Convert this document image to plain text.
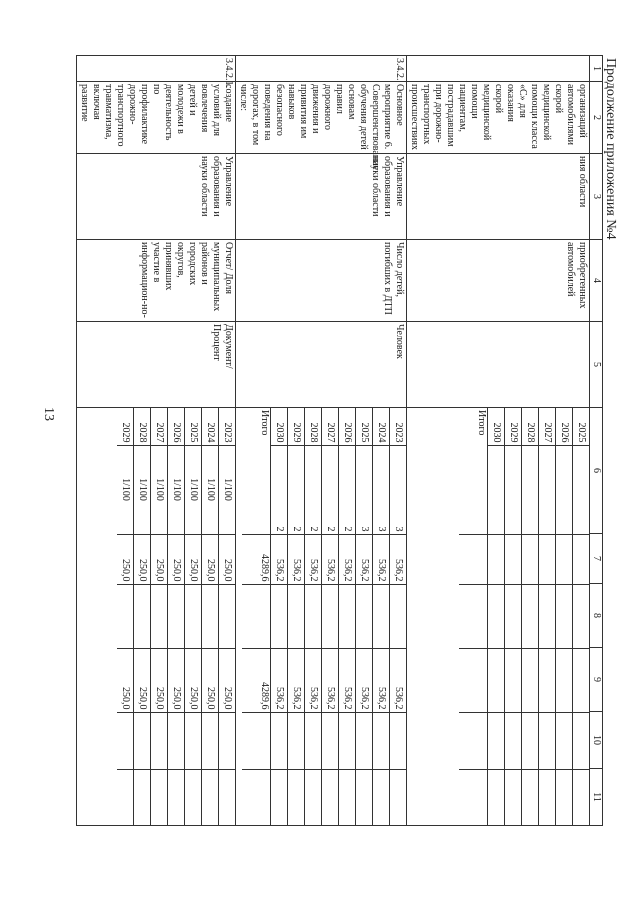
13
Продолжение приложения №4
1	2	3	4	5	6	7	8	9	10	11
	организаций автомобилями скорой медицинской помощи класса «С» для оказания скорой медицинской помощи пациентам, пострадавшим при дорожно-транспортных происшествиях	ния области	приобретенных автомобилей		
2025						
2026						
2027						
2028						
2029						
2030						
Итого					

3.4.2.	Основное мероприятие 6. Совершенствование обучения детей основам правил дорожного движения и привития им навыков безопасного поведения на дорогах, в том числе:	Управление образования и науки области	Число детей, погибших в ДТП	Человек	
2023	3	536,2		536,2		
2024	3	536,2		536,2		
2025	3	536,2		536,2		
2026	2	536,2		536,2		
2027	2	536,2		536,2		
2028	2	536,2		536,2		
2029	2	536,2		536,2		
2030	2	536,2		536,2		
Итого	4289,6		4289,6		

3.4.2.1.	создание условий для вовлечения детей и молодежи в деятельность по профилактике дорожно-транспортного травматизма, включая развитие	Управление образования и науки области	Отчет/ Доля муниципальных районов и городских округов, принявших участие в информацион-но-	Документ/ Процент	
2023	1/100	250,0		250,0		
2024	1/100	250,0		250,0		
2025	1/100	250,0		250,0		
2026	1/100	250,0		250,0		
2027	1/100	250,0		250,0		
2028	1/100	250,0		250,0		
2029	1/100	250,0		250,0		
